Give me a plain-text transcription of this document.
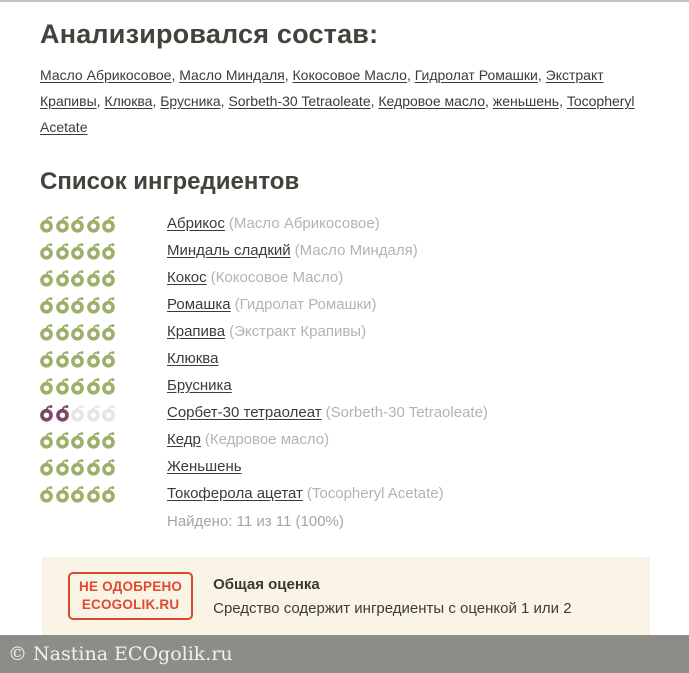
Анализировался состав:

Масло Абрикосовое, Масло Миндаля, Кокосовое Масло, Гидролат Ромашки, Экстракт Крапивы, Клюква, Брусника, Sorbeth-30 Tetraoleate, Кедровое масло, женьшень, Tocopheryl Acetate

Список ингредиентов
Абрикос (Масло Абрикосовое)
Миндаль сладкий (Масло Миндаля)
Кокос (Кокосовое Масло)
Ромашка (Гидролат Ромашки)
Крапива (Экстракт Крапивы)
Клюква
Брусника
Сорбет-30 тетраолеат (Sorbeth-30 Tetraoleate)
Кедр (Кедровое масло)
Женьшень
Токоферола ацетат (Tocopheryl Acetate)
Найдено: 11 из 11 (100%)
НЕ ОДОБРЕНО
ECOGOLIK.RU
Общая оценка
Средство содержит ингредиенты с оценкой 1 или 2
© Nastina ECOgolik.ru
